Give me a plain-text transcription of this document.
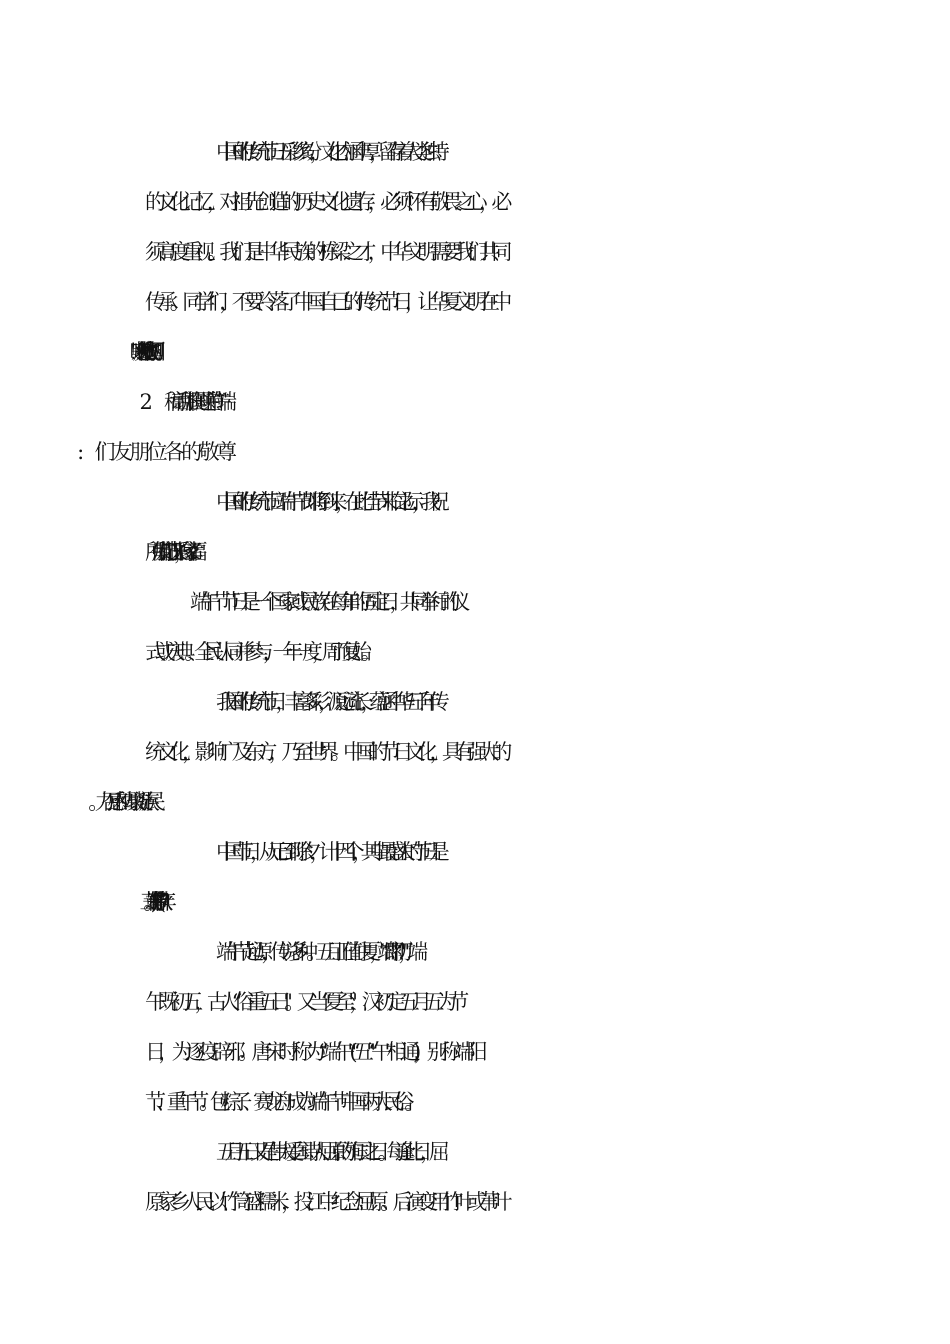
中国的传统节日五彩缤纷，文化内涵丰厚，留存着人类独特
的文化记忆，对祖先创造的历史文化遗存，必须怀有敬畏之心，必
须高度重视。我们是中华民族的栋梁之才，中华文明需要我们共同
传承。同学们，不要冷落了中国自己的传统节日，让华夏文明在中
中国的传统节日端午节即将到来，在此佳节来临之际，我祝
所有朋友们节日快乐，合家幸福！
端午节节日是一个国家或民族在每年的固定日，共同举行的仪
式或庆典。全民认同并参与，一年一度，周而复始。
我国的传统节日，丰富多彩，源远流长，蕴涵中华五千年传
统文化，影响广及东方，乃至世界。中国的节日文化，具有强大的
中国节日，从元日到除夕，计十四个，其中最盛大的节日是
端午、中秋、年(春节)三节。
端午节起源，传说多种。五月正值仲夏，“端"即“初"，端
午既初五，古人“俗重五日"。又当“夏至"，汉初定五月五为节
日，为逐疫辟邪。唐宋时称为“端午"(“五"“午"相通)，别称端阳
节、重午节。包粽子、赛龙舟成为端午节中国两大民俗。
五月五日又是伟大爱国诗人屈原的殉国之日。每逢此日，屈
原家乡人民以竹筒盛糯米，投江中纪念屈原。后演变用竹叶或苇叶
